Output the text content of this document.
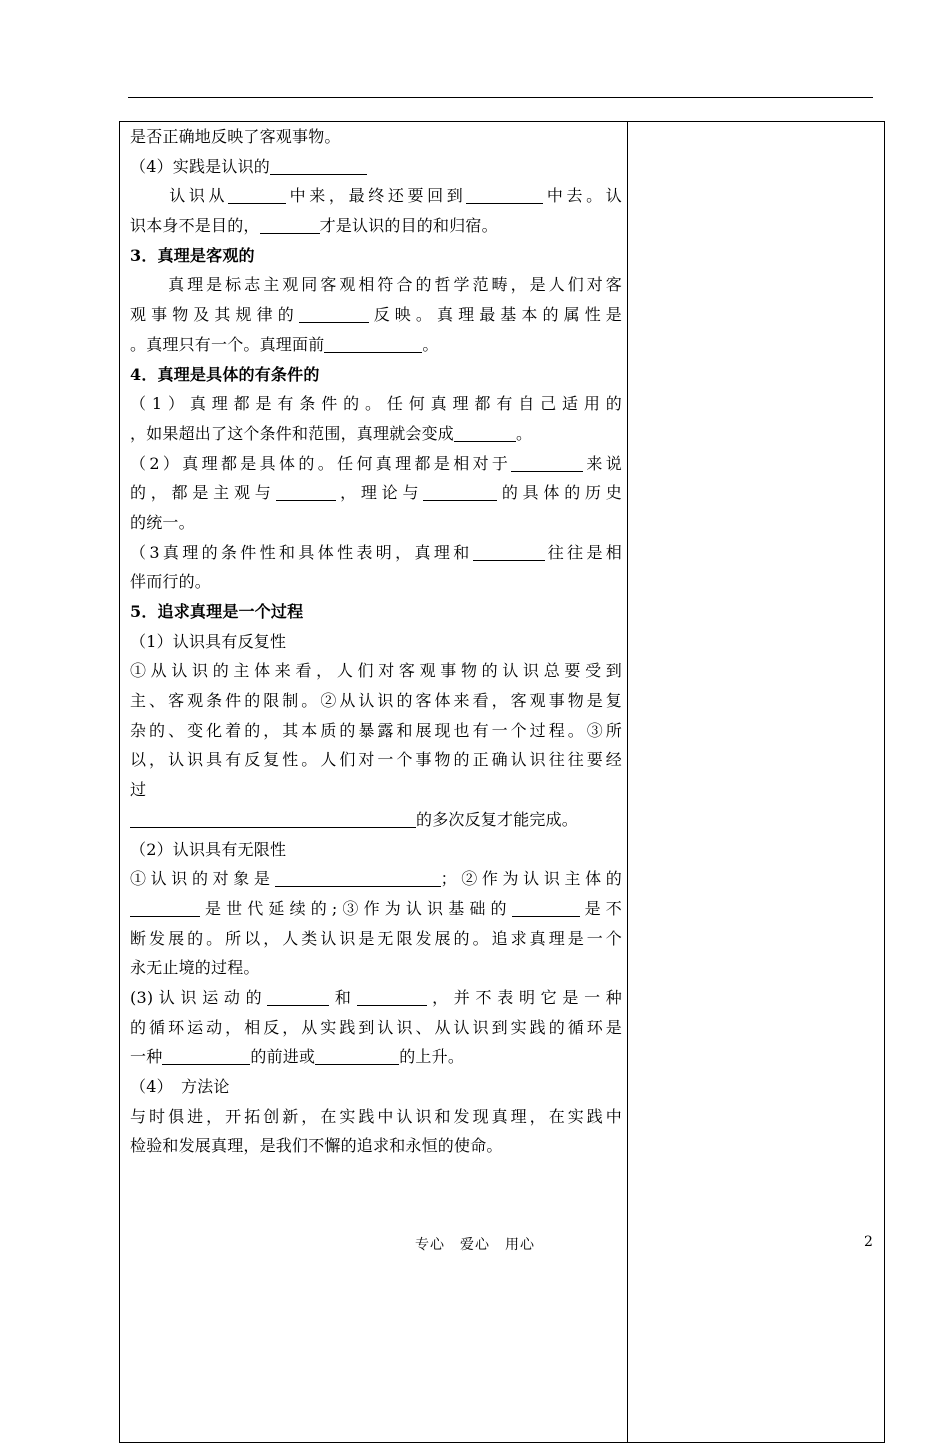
是否正确地反映了客观事物。
（4）实践是认识的
　　认识从	中来，最终还要回到	中去。认
识本身不是目的，	才是认识的目的和归宿。
3．真理是客观的
　　真理是标志主观同客观相符合的哲学范畴，是人们对客
观事物及其规律的	反映。真理最基本的属性是
。真理只有一个。真理面前	。
4．真理是具体的有条件的
（1）真理都是有条件的。任何真理都有自己适用的
，如果超出了这个条件和范围，真理就会变成	。
（2）真理都是具体的。任何真理都是相对于	来说
的，都是主观与	，理论与	的具体的历史
的统一。
（3真理的条件性和具体性表明，真理和	往往是相
伴而行的。
5．追求真理是一个过程
（1）认识具有反复性
①从认识的主体来看，人们对客观事物的认识总要受到
主、客观条件的限制。②从认识的客体来看，客观事物是复
杂的、变化着的，其本质的暴露和展现也有一个过程。③所
以，认识具有反复性。人们对一个事物的正确认识往往要经
过
的多次反复才能完成。
（2）认识具有无限性
①认识的对象是	；②作为认识主体的
是世代延续的;③作为认识基础的	是不
断发展的。所以，人类认识是无限发展的。追求真理是一个
永无止境的过程。
(3)认识运动的	和	，并不表明它是一种
的循环运动，相反，从实践到认识、从认识到实践的循环是
一种	的前进或	的上升。
（4）　方法论
与时俱进，开拓创新，在实践中认识和发现真理，在实践中
检验和发展真理，是我们不懈的追求和永恒的使命。
专心　爱心　用心	2
